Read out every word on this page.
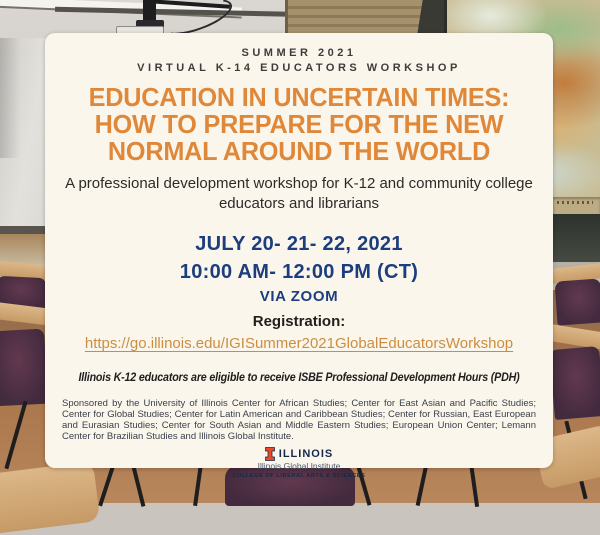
SUMMER 2021
VIRTUAL K-14 EDUCATORS WORKSHOP
EDUCATION IN UNCERTAIN TIMES:
HOW TO PREPARE FOR THE NEW
NORMAL AROUND THE WORLD
A professional development workshop for K-12 and community college
educators and librarians
JULY 20- 21- 22, 2021
10:00 AM- 12:00 PM (CT)
VIA ZOOM
Registration:
https://go.illinois.edu/IGISummer2021GlobalEducatorsWorkshop
Illinois K-12 educators are eligible to receive ISBE Professional Development Hours (PDH)
Sponsored by the University of Illinois Center for African Studies; Center for East Asian and Pacific Studies; Center for Global Studies; Center for Latin American and Caribbean Studies; Center for Russian, East European and Eurasian Studies; Center for South Asian and Middle Eastern Studies; European Union Center; Lemann Center for Brazilian Studies and Illinois Global Institute.
ILLINOIS
Illinois Global Institute
COLLEGE OF LIBERAL ARTS & SCIENCES
